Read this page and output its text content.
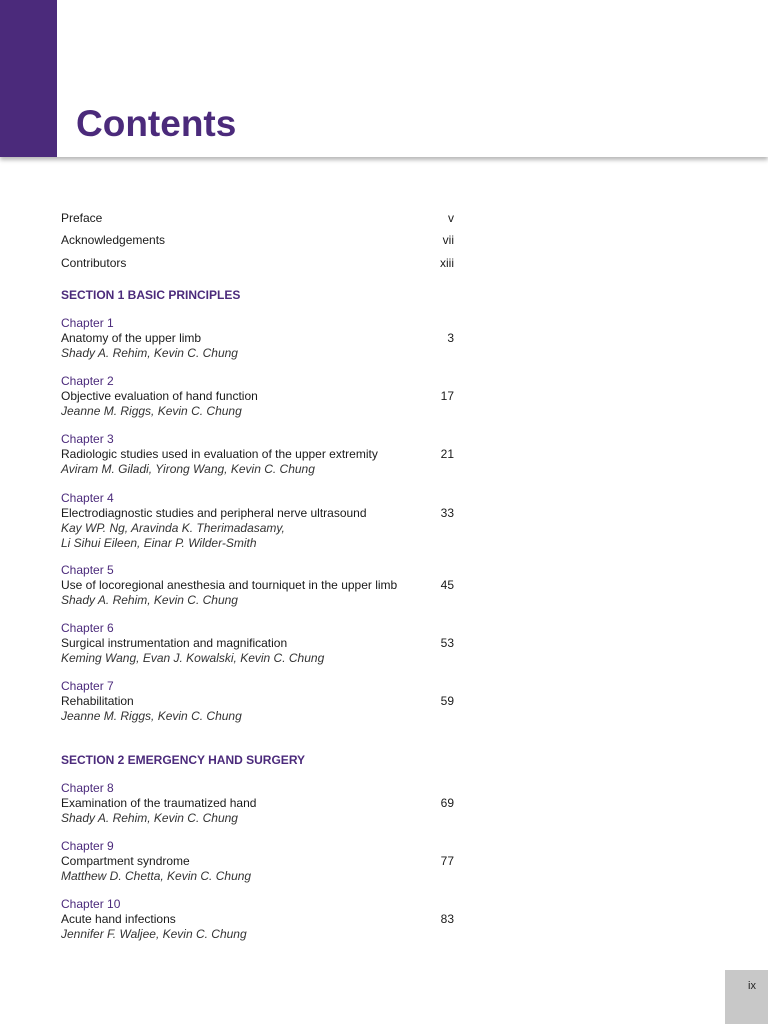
Contents
Preface	v
Acknowledgements	vii
Contributors	xiii
SECTION 1 BASIC PRINCIPLES
Chapter 1
Anatomy of the upper limb	3
Shady A. Rehim, Kevin C. Chung
Chapter 2
Objective evaluation of hand function	17
Jeanne M. Riggs, Kevin C. Chung
Chapter 3
Radiologic studies used in evaluation of the upper extremity	21
Aviram M. Giladi, Yirong Wang, Kevin C. Chung
Chapter 4
Electrodiagnostic studies and peripheral nerve ultrasound	33
Kay WP. Ng, Aravinda K. Therimadasamy,
Li Sihui Eileen, Einar P. Wilder-Smith
Chapter 5
Use of locoregional anesthesia and tourniquet in the upper limb	45
Shady A. Rehim, Kevin C. Chung
Chapter 6
Surgical instrumentation and magnification	53
Keming Wang, Evan J. Kowalski, Kevin C. Chung
Chapter 7
Rehabilitation	59
Jeanne M. Riggs, Kevin C. Chung
SECTION 2 EMERGENCY HAND SURGERY
Chapter 8
Examination of the traumatized hand	69
Shady A. Rehim, Kevin C. Chung
Chapter 9
Compartment syndrome	77
Matthew D. Chetta, Kevin C. Chung
Chapter 10
Acute hand infections	83
Jennifer F. Waljee, Kevin C. Chung
ix
